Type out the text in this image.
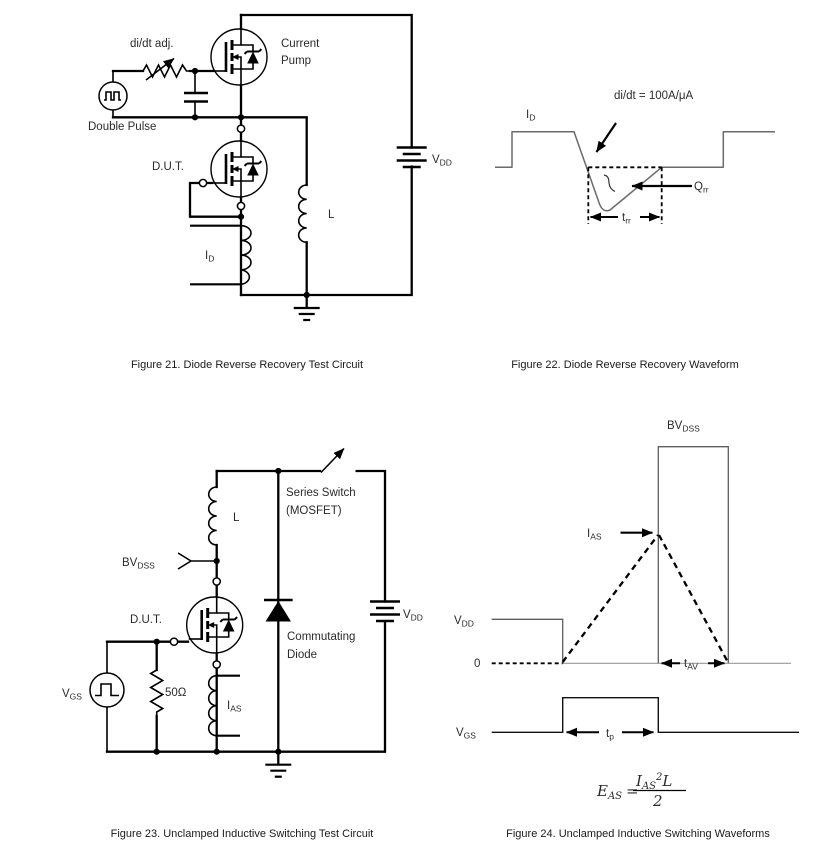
di/dt adj.
Double Pulse
Current
Pump
D.U.T.
$I_D$
L
$V_{DD}$
Figure 21. Diode Reverse Recovery Test Circuit
$I_D$
di/dt = 100A/μA
$Q_{rr}$
$t_{rr}$
Figure 22. Diode Reverse Recovery Waveform
Series Switch
(MOSFET)
L
$BV_{DSS}$
D.U.T.
$V_{GS}$	50Ω
$I_{AS}$
Commutating
Diode
$V_{DD}$
Figure 23. Unclamped Inductive Switching Test Circuit
$BV_{DSS}$
$I_{AS}$
$V_{DD}$
0	$t_{AV}$
$V_{GS}$	$t_p$
$E_{AS}$ =
$I_{AS}^2L$
2
Figure 24. Unclamped Inductive Switching Waveforms
